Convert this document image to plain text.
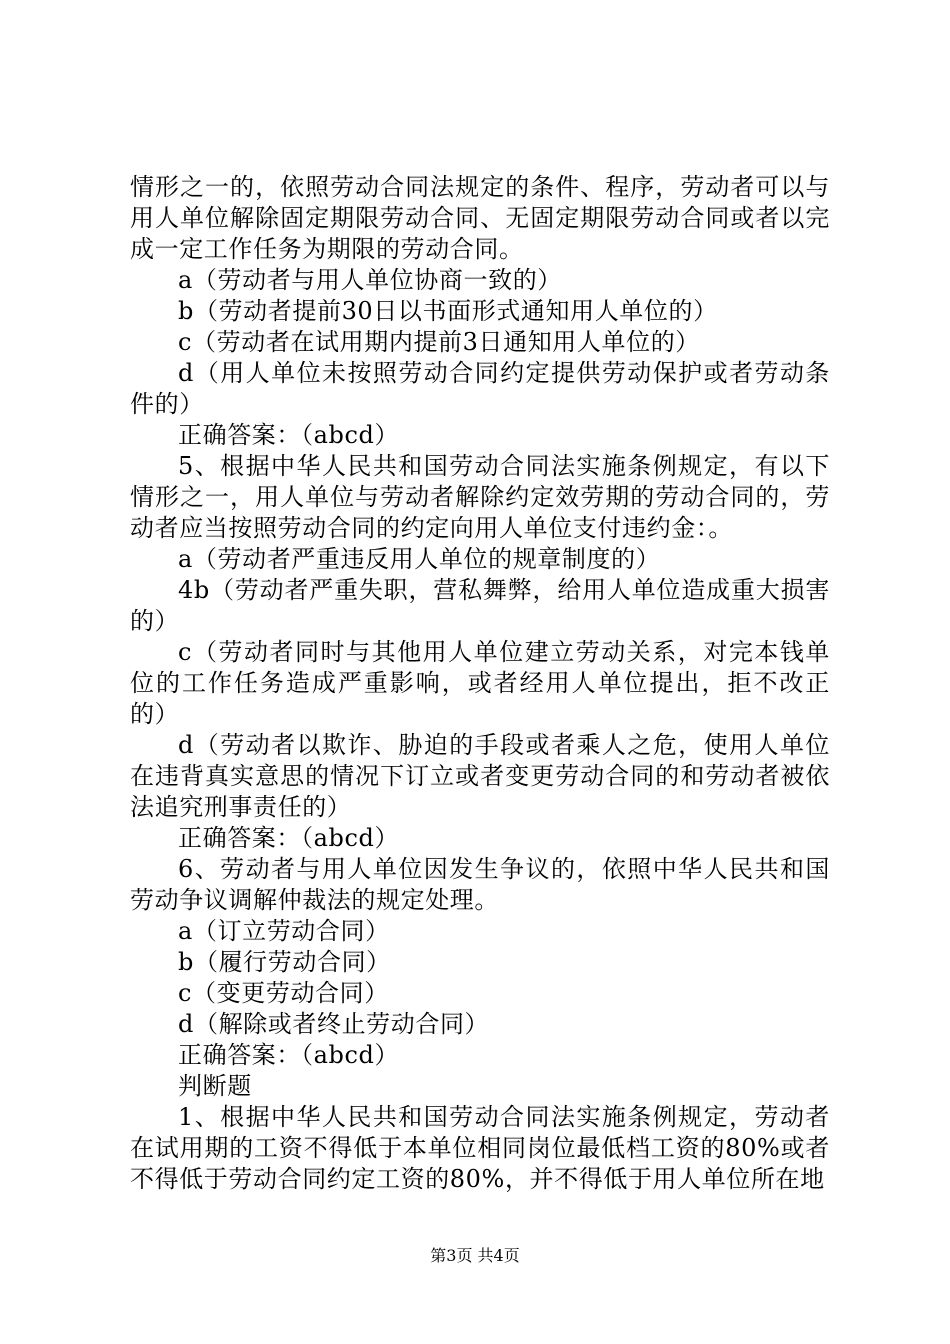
情形之一的，依照劳动合同法规定的条件、程序，劳动者可以与用人单位解除固定期限劳动合同、无固定期限劳动合同或者以完成一定工作任务为期限的劳动合同。

a（劳动者与用人单位协商一致的）

b（劳动者提前30日以书面形式通知用人单位的）

c（劳动者在试用期内提前3日通知用人单位的）

d（用人单位未按照劳动合同约定提供劳动保护或者劳动条件的）

正确答案：（abcd）

5、根据中华人民共和国劳动合同法实施条例规定，有以下情形之一，用人单位与劳动者解除约定效劳期的劳动合同的，劳动者应当按照劳动合同的约定向用人单位支付违约金：。

a（劳动者严重违反用人单位的规章制度的）

4b（劳动者严重失职，营私舞弊，给用人单位造成重大损害的）

c（劳动者同时与其他用人单位建立劳动关系，对完本钱单位的工作任务造成严重影响，或者经用人单位提出，拒不改正的）

d（劳动者以欺诈、胁迫的手段或者乘人之危，使用人单位在违背真实意思的情况下订立或者变更劳动合同的和劳动者被依法追究刑事责任的）

正确答案：（abcd）

6、劳动者与用人单位因发生争议的，依照中华人民共和国劳动争议调解仲裁法的规定处理。

a（订立劳动合同）

b（履行劳动合同）

c（变更劳动合同）

d（解除或者终止劳动合同）

正确答案：（abcd）

判断题

1、根据中华人民共和国劳动合同法实施条例规定，劳动者在试用期的工资不得低于本单位相同岗位最低档工资的80%或者不得低于劳动合同约定工资的80%，并不得低于用人单位所在地

第3页 共4页
